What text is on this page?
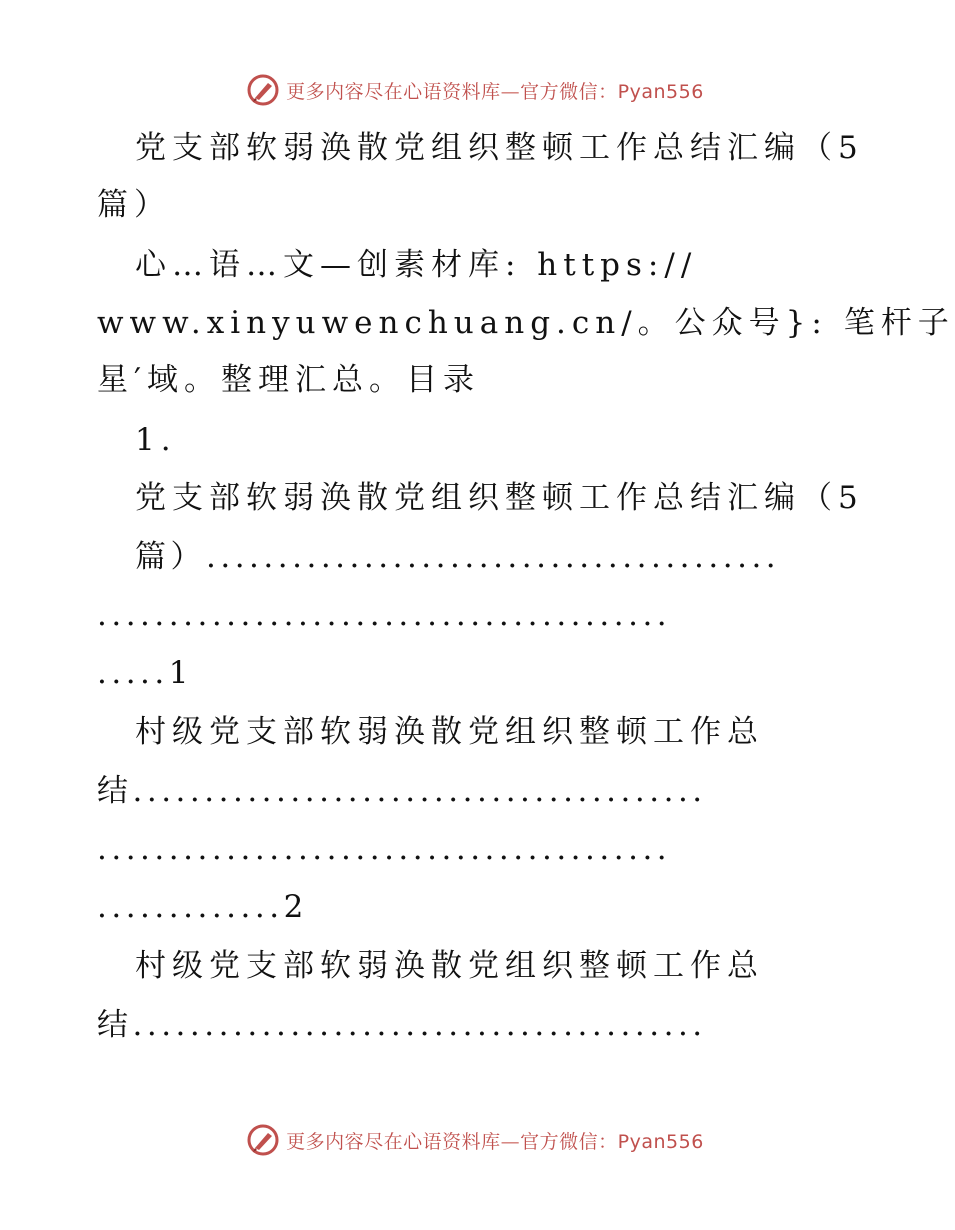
更多内容尽在心语资料库—官方微信：Pyan556
党支部软弱涣散党组织整顿工作总结汇编（5
篇）
心…语…文—创素材库: https://
www.xinyuwenchuang.cn/。公众号}: 笔杆子
星′域。整理汇总。目录
1.
党支部软弱涣散党组织整顿工作总结汇编（5
篇）........................................
........................................
.....1
村级党支部软弱涣散党组织整顿工作总
结........................................
........................................
.............2
村级党支部软弱涣散党组织整顿工作总
结........................................
更多内容尽在心语资料库—官方微信：Pyan556
